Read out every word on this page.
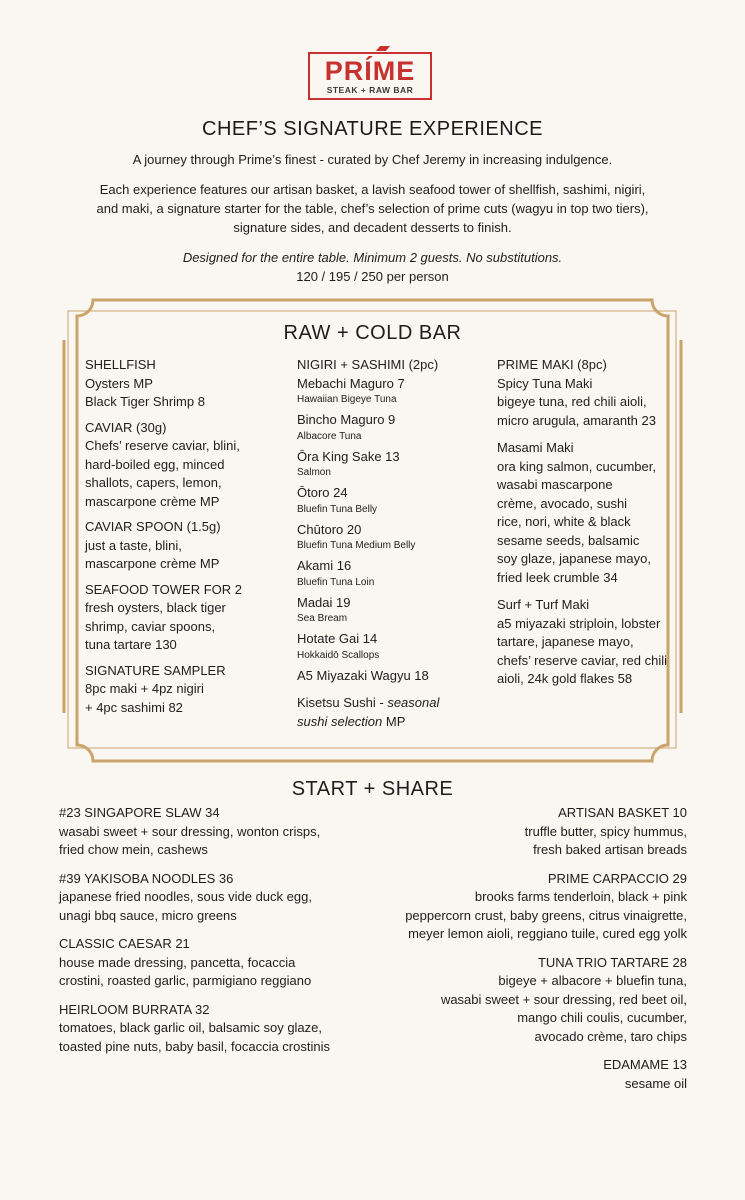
PRÍME
STEAK + RAW BAR
CHEF’S SIGNATURE EXPERIENCE
A journey through Prime’s finest - curated by Chef Jeremy in increasing indulgence.
Each experience features our artisan basket, a lavish seafood tower of shellfish, sashimi, nigiri,
and maki, a signature starter for the table, chef’s selection of prime cuts (wagyu in top two tiers),
signature sides, and decadent desserts to finish.
Designed for the entire table. Minimum 2 guests. No substitutions.
120 / 195 / 250 per person
RAW + COLD BAR
SHELLFISH
Oysters MP
Black Tiger Shrimp 8
CAVIAR (30g)
Chefs’ reserve caviar, blini,
hard-boiled egg, minced
shallots, capers, lemon,
mascarpone crème MP
CAVIAR SPOON (1.5g)
just a taste, blini,
mascarpone crème MP
SEAFOOD TOWER FOR 2
fresh oysters, black tiger
shrimp, caviar spoons,
tuna tartare 130
SIGNATURE SAMPLER
8pc maki + 4pz nigiri
+ 4pc sashimi 82
NIGIRI + SASHIMI (2pc)
Mebachi Maguro 7
Hawaiian Bigeye Tuna
Bincho Maguro 9
Albacore Tuna
Ōra King Sake 13
Salmon
Ōtoro 24
Bluefin Tuna Belly
Chūtoro 20
Bluefin Tuna Medium Belly
Akami 16
Bluefin Tuna Loin
Madai 19
Sea Bream
Hotate Gai 14
Hokkaidō Scallops
A5 Miyazaki Wagyu 18
Kisetsu Sushi - seasonal
sushi selection MP
PRIME MAKI (8pc)
Spicy Tuna Maki
bigeye tuna, red chili aioli,
micro arugula, amaranth 23
Masami Maki
ora king salmon, cucumber,
wasabi mascarpone
crème, avocado, sushi
rice, nori, white & black
sesame seeds, balsamic
soy glaze, japanese mayo,
fried leek crumble 34
Surf + Turf Maki
a5 miyazaki striploin, lobster
tartare, japanese mayo,
chefs’ reserve caviar, red chili
aioli, 24k gold flakes 58
START + SHARE
#23 SINGAPORE SLAW 34
wasabi sweet + sour dressing, wonton crisps,
fried chow mein, cashews
#39 YAKISOBA NOODLES 36
japanese fried noodles, sous vide duck egg,
unagi bbq sauce, micro greens
CLASSIC CAESAR 21
house made dressing, pancetta, focaccia
crostini, roasted garlic, parmigiano reggiano
HEIRLOOM BURRATA 32
tomatoes, black garlic oil, balsamic soy glaze,
toasted pine nuts, baby basil, focaccia crostinis
ARTISAN BASKET 10
truffle butter, spicy hummus,
fresh baked artisan breads
PRIME CARPACCIO 29
brooks farms tenderloin, black + pink
peppercorn crust, baby greens, citrus vinaigrette,
meyer lemon aioli, reggiano tuile, cured egg yolk
TUNA TRIO TARTARE 28
bigeye + albacore + bluefin tuna,
wasabi sweet + sour dressing, red beet oil,
mango chili coulis, cucumber,
avocado crème, taro chips
EDAMAME 13
sesame oil
